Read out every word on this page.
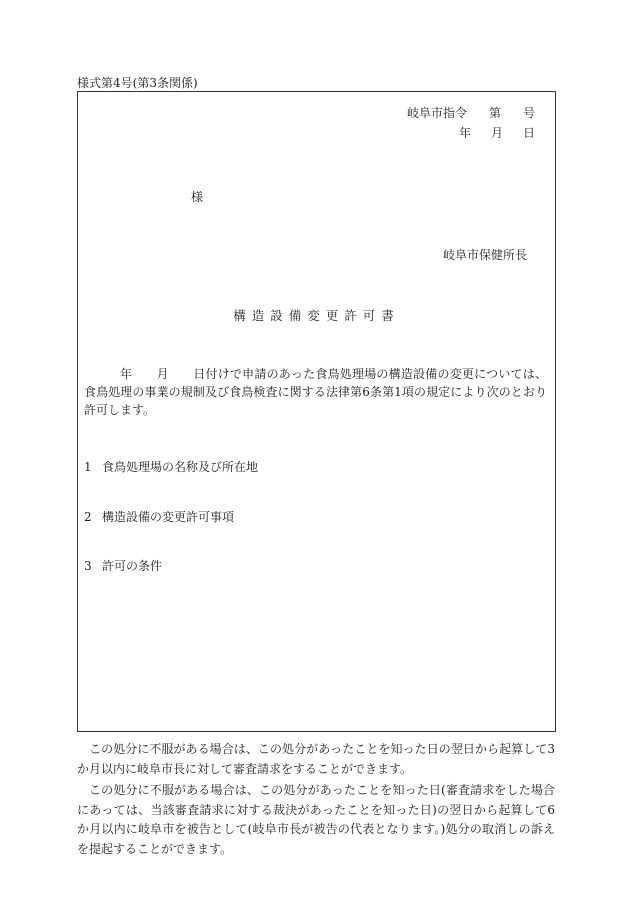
様式第4号(第3条関係)
岐阜市指令 第 号
年 月 日
様
岐阜市保健所長
構造設備変更許可書
年　　月　　日付けで申請のあった食鳥処理場の構造設備の変更については、食鳥処理の事業の規制及び食鳥検査に関する法律第6条第1項の規定により次のとおり許可します。
1 食鳥処理場の名称及び所在地
2 構造設備の変更許可事項
3 許可の条件

この処分に不服がある場合は、この処分があったことを知った日の翌日から起算して3か月以内に岐阜市長に対して審査請求をすることができます。

この処分に不服がある場合は、この処分があったことを知った日(審査請求をした場合にあっては、当該審査請求に対する裁決があったことを知った日)の翌日から起算して6か月以内に岐阜市を被告として(岐阜市長が被告の代表となります。)処分の取消しの訴えを提起することができます。
